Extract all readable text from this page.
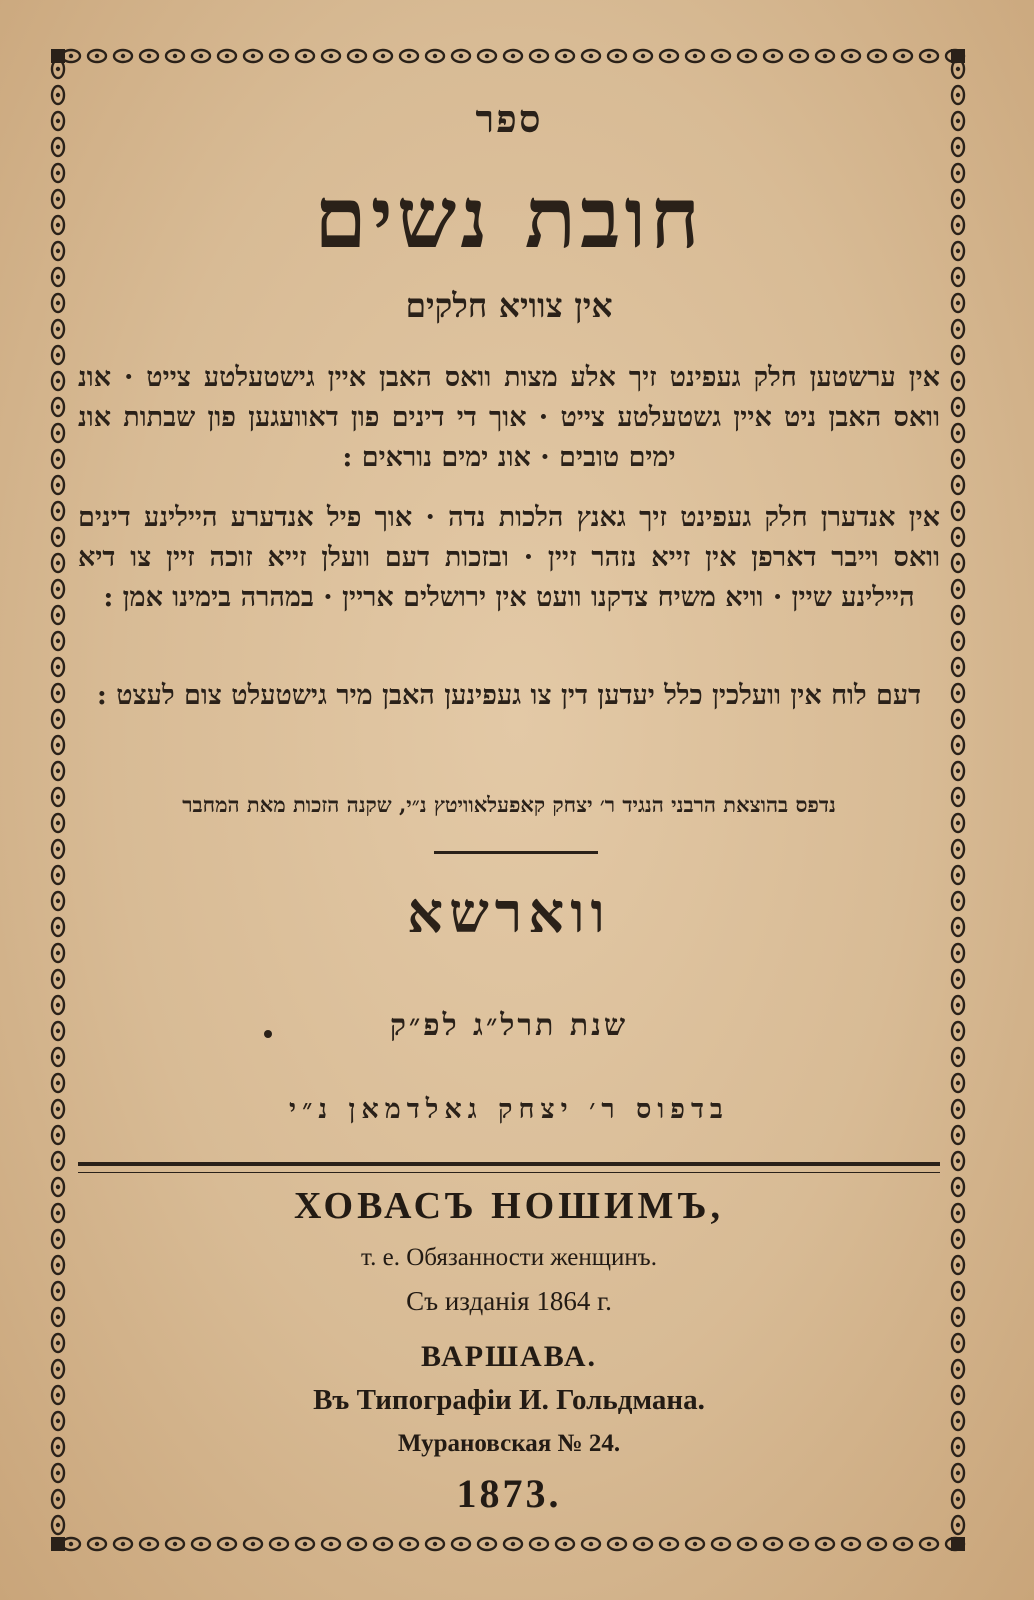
ספר
חובת נשים
אין צוויא חלקים
אין ערשטען חלק געפינט זיך אלע מצות וואס האבן איין גישטעלטע צייט · אונ וואס האבן ניט איין גשטעלטע צייט · אוך די דינים פון דאוועגען פון שבתות אונ ימים טובים · אונ ימים נוראים :
אין אנדערן חלק געפינט זיך גאנץ הלכות נדה · אוך פיל אנדערע היילינע דינים וואס וייבר דארפן אין זייא נזהר זיין · ובזכות דעם וועלן זייא זוכה זיין צו דיא היילינע שיין · וויא משיח צדקנו וועט אין ירושלים אריין · במהרה בימינו אמן :
דעם לוח אין וועלכין כלל יעדען דין צו געפינען האבן מיר גישטעלט צום לעצט :
נדפס בהוצאת הרבני הנגיד ר׳ יצחק קאפעלאוויטץ נ״י, שקנה הזכות מאת המחבר
ווארשא
שנת תרל״ג לפ״ק
בדפוס ר׳ יצחק גאלדמאן נ״י
ХОВАСЪ НОШИМЪ,
т. е. Обязанности женщинъ.
Съ изданія 1864 г.
ВАРШАВА.
Въ Типографіи И. Гольдмана.
Мурановская № 24.
1873.
